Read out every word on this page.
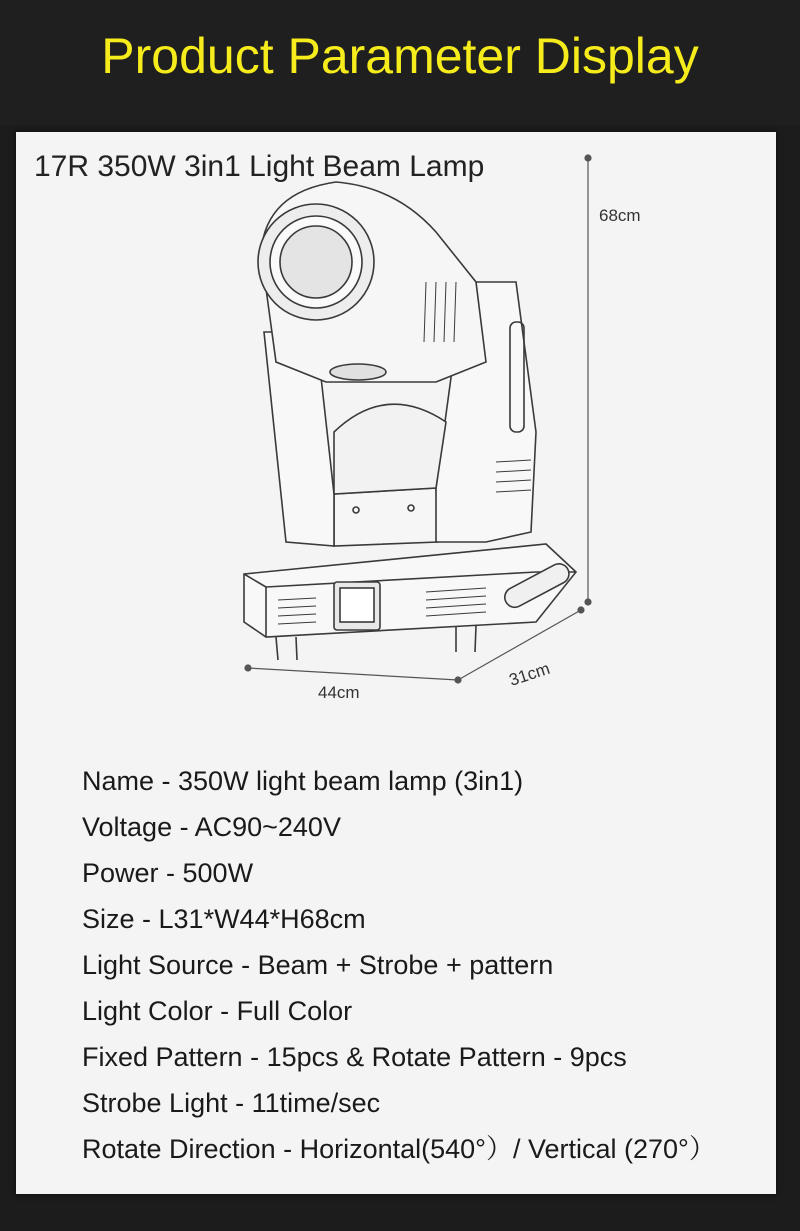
Product Parameter Display
17R 350W 3in1 Light Beam Lamp
68cm
44cm
31cm
Name - 350W light beam lamp (3in1)
Voltage - AC90~240V
Power - 500W
Size - L31*W44*H68cm
Light Source - Beam + Strobe + pattern
Light Color - Full Color
Fixed Pattern - 15pcs & Rotate Pattern - 9pcs
Strobe Light - 11time/sec
Rotate Direction - Horizontal(540°）/ Vertical (270°）
